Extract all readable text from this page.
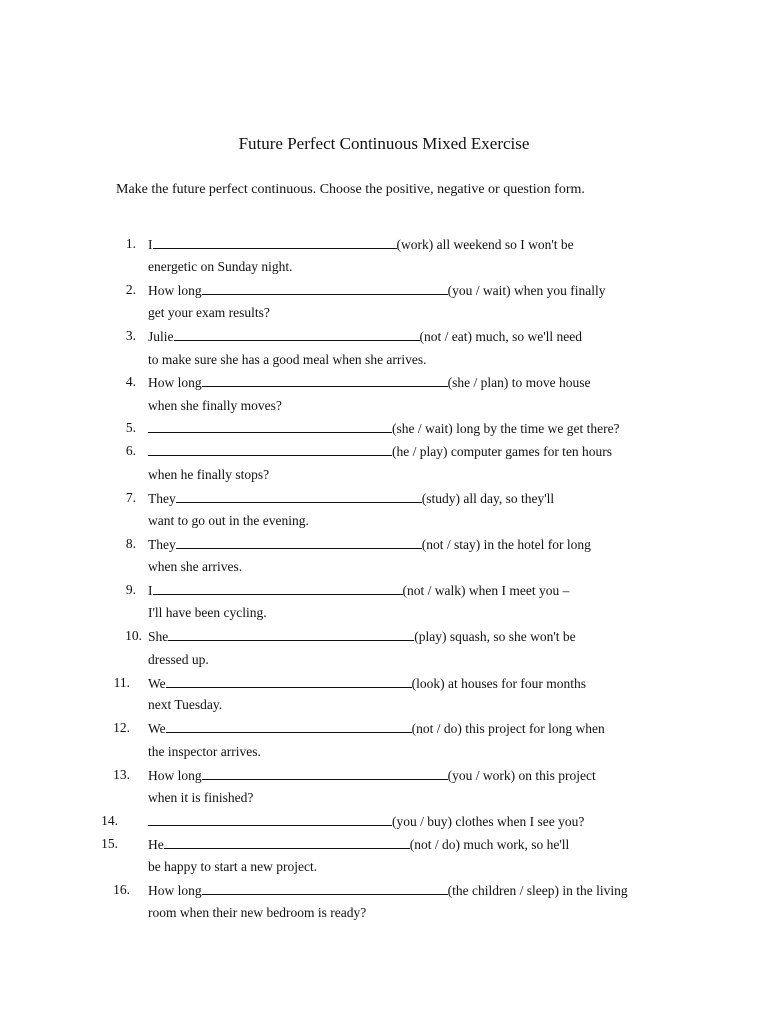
Future Perfect Continuous Mixed Exercise
Make the future perfect continuous. Choose the positive, negative or question form.
1. I	(work) all weekend so I won't be
energetic on Sunday night.
2. How long	(you / wait) when you finally
get your exam results?
3. Julie	(not / eat) much, so we'll need
to make sure she has a good meal when she arrives.
4. How long	(she / plan) to move house
when she finally moves?
5.	(she / wait) long by the time we get there?
6.	(he / play) computer games for ten hours
when he finally stops?
7. They	(study) all day, so they'll
want to go out in the evening.
8. They	(not / stay) in the hotel for long
when she arrives.
9. I	(not / walk) when I meet you –
I'll have been cycling.
10. She	(play) squash, so she won't be
dressed up.
11. We	(look) at houses for four months
next Tuesday.
12. We	(not / do) this project for long when
the inspector arrives.
13. How long	(you / work) on this project
when it is finished?
14.	(you / buy) clothes when I see you?
15. He	(not / do) much work, so he'll
be happy to start a new project.
16. How long	(the children / sleep) in the living
room when their new bedroom is ready?
